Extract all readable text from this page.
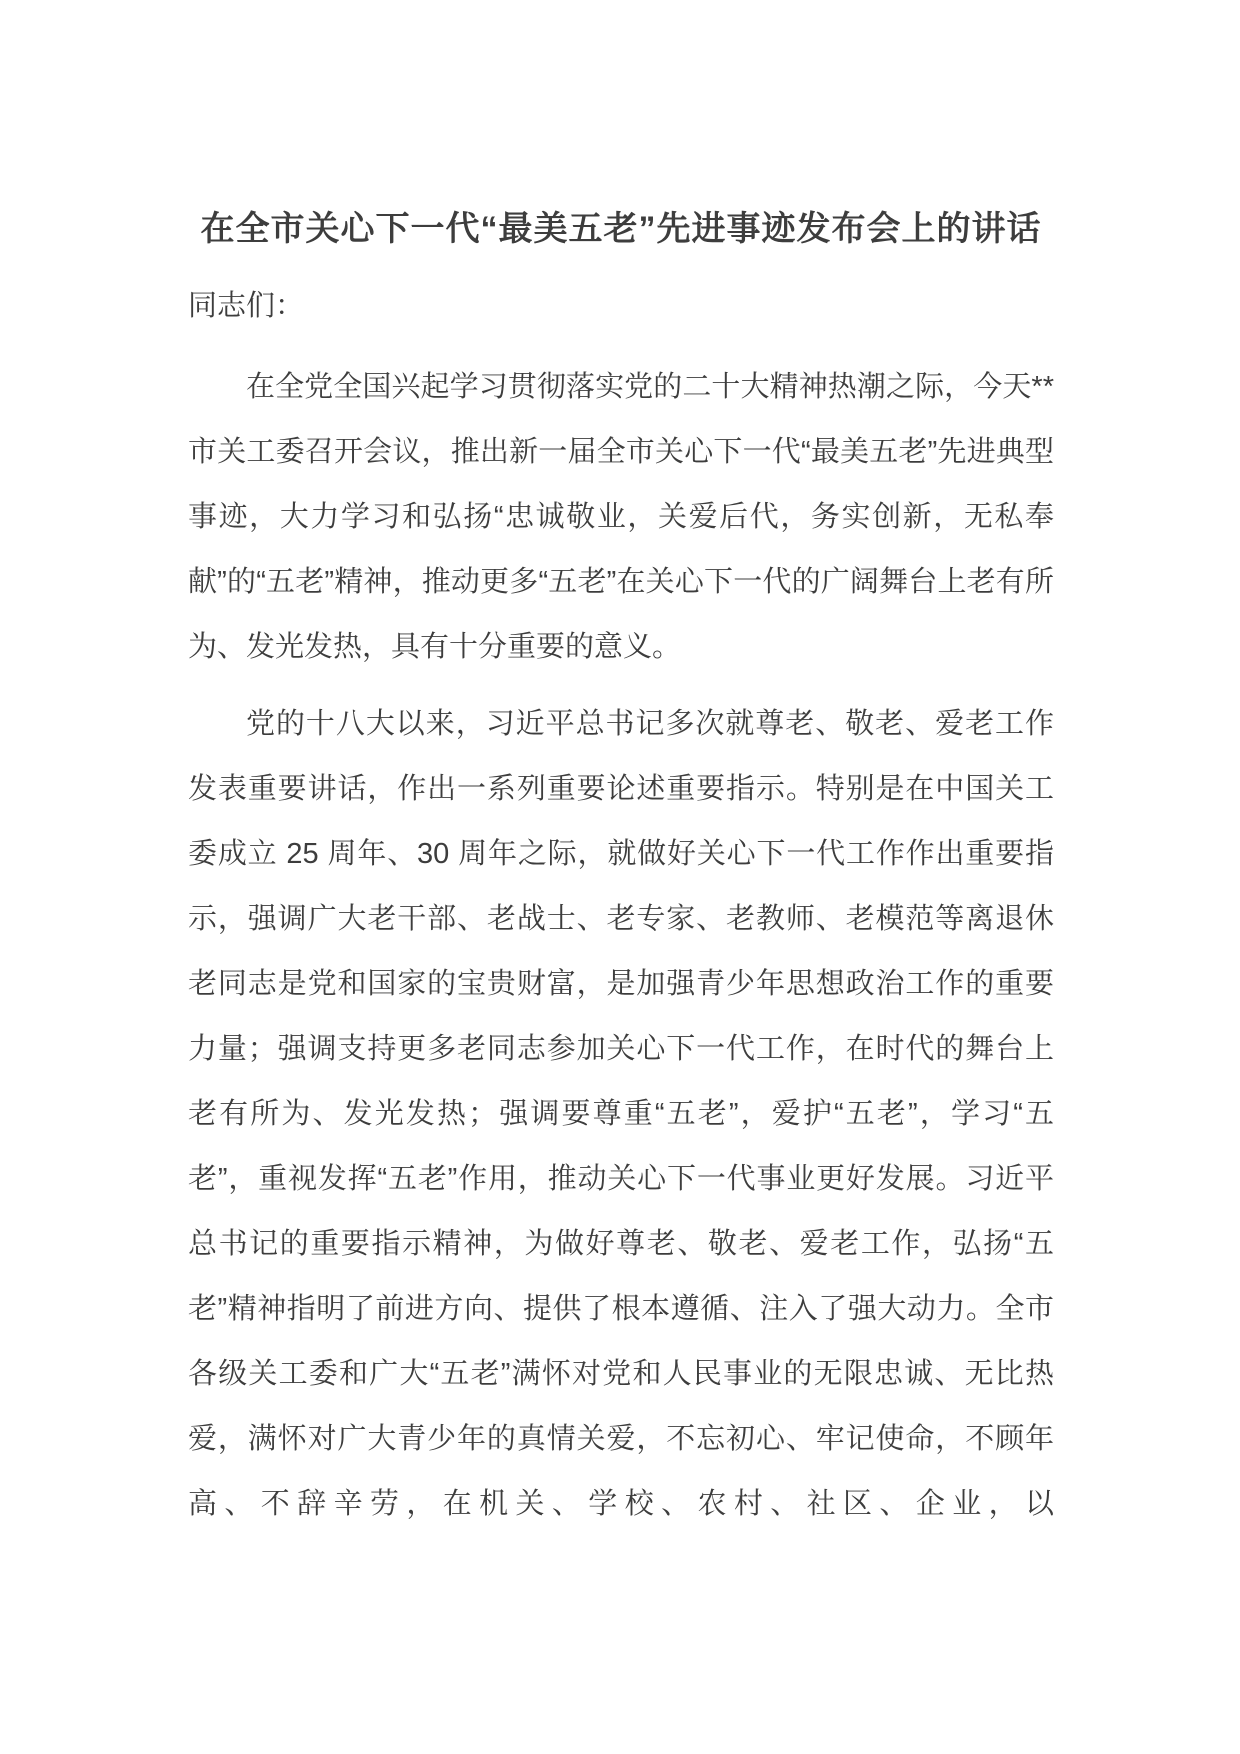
在全市关心下一代“最美五老”先进事迹发布会上的讲话

同志们：

在全党全国兴起学习贯彻落实党的二十大精神热潮之际，今天**市关工委召开会议，推出新一届全市关心下一代“最美五老”先进典型事迹，大力学习和弘扬“忠诚敬业，关爱后代，务实创新，无私奉献”的“五老”精神，推动更多“五老”在关心下一代的广阔舞台上老有所为、发光发热，具有十分重要的意义。

党的十八大以来，习近平总书记多次就尊老、敬老、爱老工作发表重要讲话，作出一系列重要论述重要指示。特别是在中国关工委成立 25 周年、30 周年之际，就做好关心下一代工作作出重要指示，强调广大老干部、老战士、老专家、老教师、老模范等离退休老同志是党和国家的宝贵财富，是加强青少年思想政治工作的重要力量；强调支持更多老同志参加关心下一代工作，在时代的舞台上老有所为、发光发热；强调要尊重“五老”，爱护“五老”，学习“五老”，重视发挥“五老”作用，推动关心下一代事业更好发展。习近平总书记的重要指示精神，为做好尊老、敬老、爱老工作，弘扬“五老”精神指明了前进方向、提供了根本遵循、注入了强大动力。全市各级关工委和广大“五老”满怀对党和人民事业的无限忠诚、无比热爱，满怀对广大青少年的真情关爱，不忘初心、牢记使命，不顾年高、不辞辛劳，在机关、学校、农村、社区、企业，以
